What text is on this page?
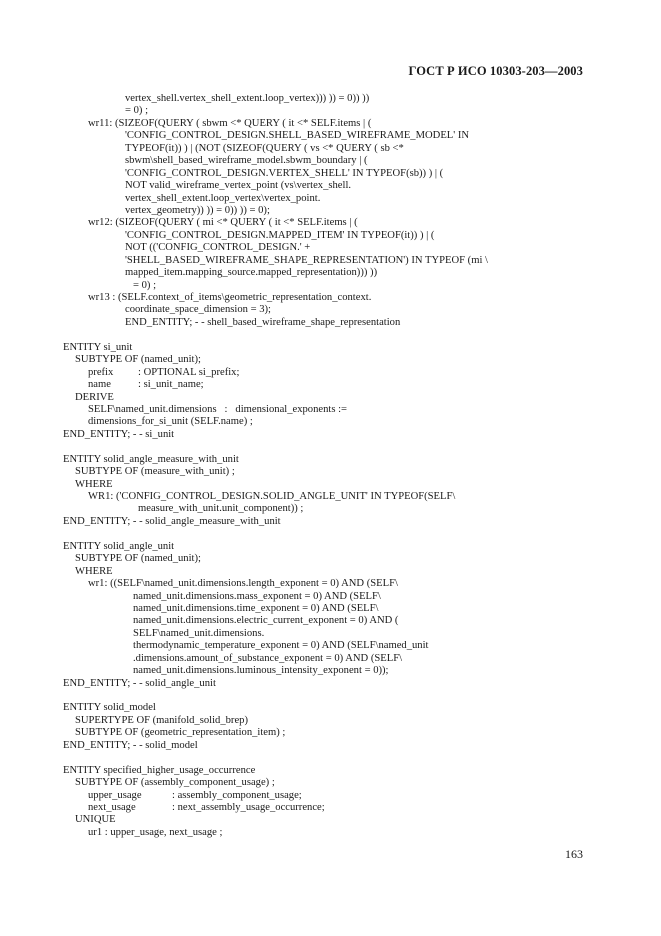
ГОСТ Р ИСО 10303-203—2003
vertex_shell.vertex_shell_extent.loop_vertex))) )) = 0)) ))
= 0) ;
wr11: (SIZEOF(QUERY ( sbwm <* QUERY ( it <* SELF.items | (
'CONFIG_CONTROL_DESIGN.SHELL_BASED_WIREFRAME_MODEL' IN
TYPEOF(it)) ) | (NOT (SIZEOF(QUERY ( vs <* QUERY ( sb <*
sbwm\shell_based_wireframe_model.sbwm_boundary | (
'CONFIG_CONTROL_DESIGN.VERTEX_SHELL' IN TYPEOF(sb)) ) | (
NOT valid_wireframe_vertex_point (vs\vertex_shell.
vertex_shell_extent.loop_vertex\vertex_point.
vertex_geometry)) )) = 0)) )) = 0);
wr12: (SIZEOF(QUERY ( mi <* QUERY ( it <* SELF.items | (
'CONFIG_CONTROL_DESIGN.MAPPED_ITEM' IN TYPEOF(it)) ) | (
NOT (('CONFIG_CONTROL_DESIGN.' +
'SHELL_BASED_WIREFRAME_SHAPE_REPRESENTATION') IN TYPEOF (mi \
mapped_item.mapping_source.mapped_representation))) ))
= 0) ;
wr13 : (SELF.context_of_items\geometric_representation_context.
coordinate_space_dimension = 3);
END_ENTITY; - - shell_based_wireframe_shape_representation
ENTITY si_unit
SUBTYPE OF (named_unit);
prefix : OPTIONAL si_prefix;
name	: si_unit_name;
DERIVE
SELF\named_unit.dimensions   :   dimensional_exponents :=
dimensions_for_si_unit (SELF.name) ;
END_ENTITY; - - si_unit
ENTITY solid_angle_measure_with_unit
SUBTYPE OF (measure_with_unit) ;
WHERE
WR1: ('CONFIG_CONTROL_DESIGN.SOLID_ANGLE_UNIT' IN TYPEOF(SELF\
measure_with_unit.unit_component)) ;
END_ENTITY; - - solid_angle_measure_with_unit
ENTITY solid_angle_unit
SUBTYPE OF (named_unit);
WHERE
wr1: ((SELF\named_unit.dimensions.length_exponent = 0) AND (SELF\
named_unit.dimensions.mass_exponent = 0) AND (SELF\
named_unit.dimensions.time_exponent = 0) AND (SELF\
named_unit.dimensions.electric_current_exponent = 0) AND (
SELF\named_unit.dimensions.
thermodynamic_temperature_exponent = 0) AND (SELF\named_unit
.dimensions.amount_of_substance_exponent = 0) AND (SELF\
named_unit.dimensions.luminous_intensity_exponent = 0));
END_ENTITY; - - solid_angle_unit
ENTITY solid_model
SUPERTYPE OF (manifold_solid_brep)
SUBTYPE OF (geometric_representation_item) ;
END_ENTITY; - - solid_model
ENTITY specified_higher_usage_occurrence
SUBTYPE OF (assembly_component_usage) ;
upper_usage	: assembly_component_usage;
next_usage	: next_assembly_usage_occurrence;
UNIQUE
ur1 : upper_usage, next_usage ;
163
